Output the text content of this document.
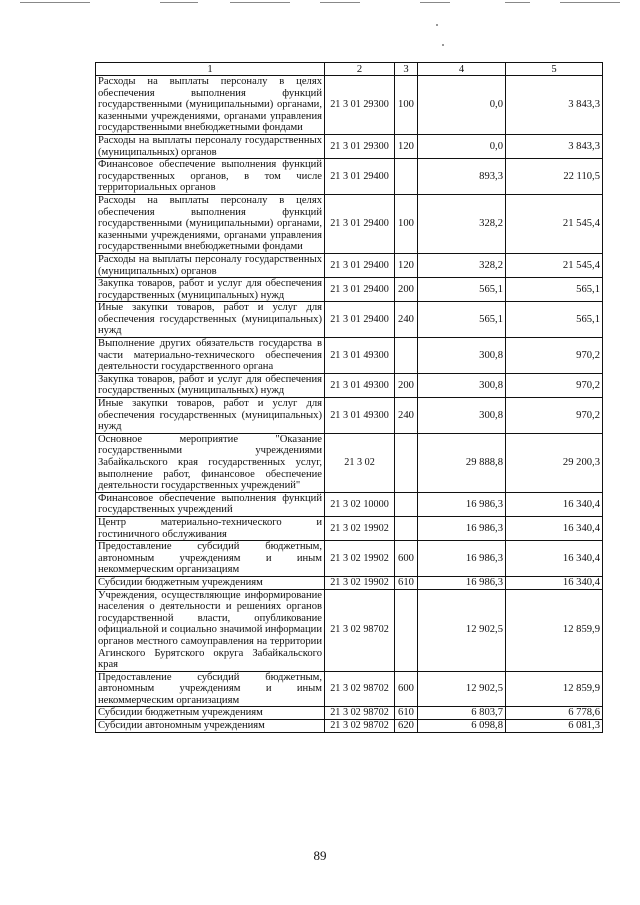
1	2	3	4	5
Расходы на выплаты персоналу в целях обеспечения выполнения функций государственными (муниципальными) органами, казенными учреждениями, органами управления государственными внебюджетными фондами	21 3 01 29300	100	0,0	3 843,3
Расходы на выплаты персоналу государственных (муниципальных) органов	21 3 01 29300	120	0,0	3 843,3
Финансовое обеспечение выполнения функций государственных органов, в том числе территориальных органов	21 3 01 29400		893,3	22 110,5
Расходы на выплаты персоналу в целях обеспечения выполнения функций государственными (муниципальными) органами, казенными учреждениями, органами управления государственными внебюджетными фондами	21 3 01 29400	100	328,2	21 545,4
Расходы на выплаты персоналу государственных (муниципальных) органов	21 3 01 29400	120	328,2	21 545,4
Закупка товаров, работ и услуг для обеспечения государственных (муниципальных) нужд	21 3 01 29400	200	565,1	565,1
Иные закупки товаров, работ и услуг для обеспечения государственных (муниципальных) нужд	21 3 01 29400	240	565,1	565,1
Выполнение других обязательств государства в части материально-технического обеспечения деятельности государственного органа	21 3 01 49300		300,8	970,2
Закупка товаров, работ и услуг для обеспечения государственных (муниципальных) нужд	21 3 01 49300	200	300,8	970,2
Иные закупки товаров, работ и услуг для обеспечения государственных (муниципальных) нужд	21 3 01 49300	240	300,8	970,2
Основное мероприятие "Оказание государственными учреждениями Забайкальского края государственных услуг, выполнение работ, финансовое обеспечение деятельности государственных учреждений"	21 3 02		29 888,8	29 200,3
Финансовое обеспечение выполнения функций государственных учреждений	21 3 02 10000		16 986,3	16 340,4
Центр материально-технического и гостиничного обслуживания	21 3 02 19902		16 986,3	16 340,4
Предоставление субсидий бюджетным, автономным учреждениям и иным некоммерческим организациям	21 3 02 19902	600	16 986,3	16 340,4
Субсидии бюджетным учреждениям	21 3 02 19902	610	16 986,3	16 340,4
Учреждения, осуществляющие информирование населения о деятельности и решениях органов государственной власти, опубликование официальной и социально значимой информации органов местного самоуправления на территории Агинского Бурятского округа Забайкальского края	21 3 02 98702		12 902,5	12 859,9
Предоставление субсидий бюджетным, автономным учреждениям и иным некоммерческим организациям	21 3 02 98702	600	12 902,5	12 859,9
Субсидии бюджетным учреждениям	21 3 02 98702	610	6 803,7	6 778,6
Субсидии автономным учреждениям	21 3 02 98702	620	6 098,8	6 081,3
89
